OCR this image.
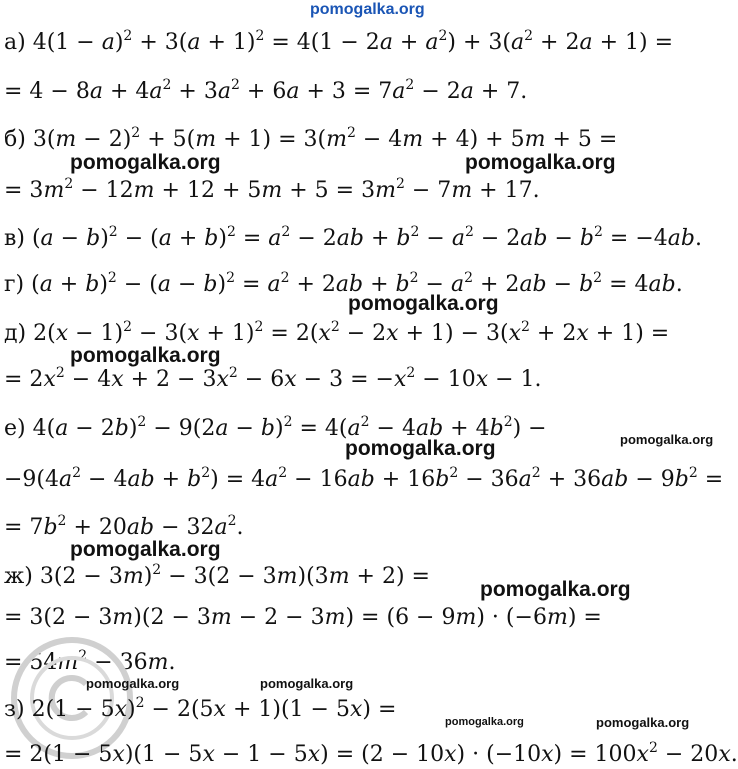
pomogalka.org
а) $4(1 - a)^2 + 3(a + 1)^2 = 4(1 - 2a + a^2) + 3(a^2 + 2a + 1)$ =
= $4 - 8a + 4a^2 + 3a^2 + 6a + 3 = 7a^2 - 2a + 7$.
б) $3(m - 2)^2 + 5(m + 1) = 3(m^2 - 4m + 4) + 5m + 5$ =
pomogalka.org	pomogalka.org
= $3m^2 - 12m + 12 + 5m + 5 = 3m^2 - 7m + 17$.
в) $(a - b)^2 - (a + b)^2 = a^2 - 2ab + b^2 - a^2 - 2ab - b^2 = -4ab$.
г) $(a + b)^2 - (a - b)^2 = a^2 + 2ab + b^2 - a^2 + 2ab - b^2 = 4ab$.
pomogalka.org
д) $2(x - 1)^2 - 3(x + 1)^2 = 2(x^2 - 2x + 1) - 3(x^2 + 2x + 1)$ =
pomogalka.org
= $2x^2 - 4x + 2 - 3x^2 - 6x - 3 = -x^2 - 10x - 1$.
е) $4(a - 2b)^2 - 9(2a - b)^2 = 4(a^2 - 4ab + 4b^2)$ −
pomogalka.org	pomogalka.org
$-9(4a^2 - 4ab + b^2) = 4a^2 - 16ab + 16b^2 - 36a^2 + 36ab - 9b^2$ =
= $7b^2 + 20ab - 32a^2$.
pomogalka.org
ж) $3(2 - 3m)^2 - 3(2 - 3m)(3m + 2)$ =
pomogalka.org
= 3(2 − 3m)(2 − 3m − 2 − 3m) = (6 − 9m) · (−6m) =
= $54m^2 - 36m$.
pomogalka.org	pomogalka.org
з) $2(1 - 5x)^2 - 2(5x + 1)(1 - 5x)$ =	pomogalka.org	pomogalka.org
= $2(1 - 5x)(1 - 5x - 1 - 5x) = (2 - 10x) \cdot (-10x) = 100x^2 - 20x$.
